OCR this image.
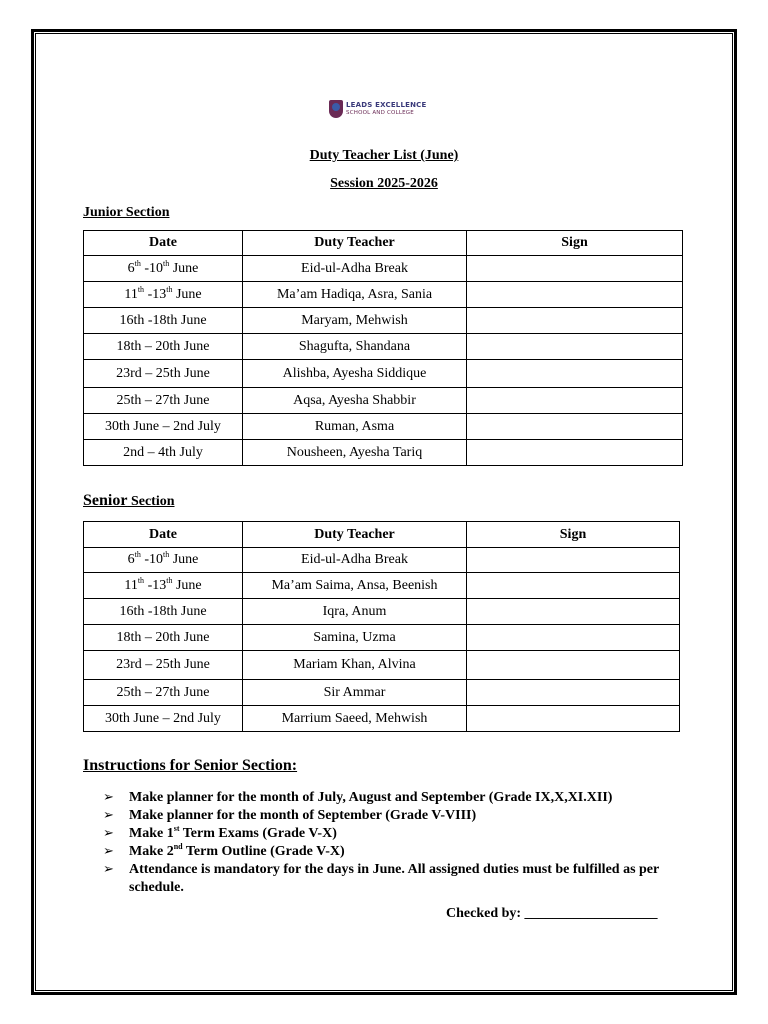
LEADS EXCELLENCE
SCHOOL AND COLLEGE
Duty Teacher List (June)
Session 2025-2026
Junior Section
Date	Duty Teacher	Sign
6th -10th June	Eid-ul-Adha Break	
11th -13th June	Ma’am Hadiqa, Asra, Sania	
16th -18th June	Maryam, Mehwish	
18th – 20th June	Shagufta, Shandana	
23rd – 25th June	Alishba, Ayesha Siddique	
25th – 27th June	Aqsa, Ayesha Shabbir	
30th June – 2nd July	Ruman, Asma	
2nd – 4th July	Nousheen, Ayesha Tariq	
Senior Section
Date	Duty Teacher	Sign
6th -10th June	Eid-ul-Adha Break	
11th -13th June	Ma’am Saima, Ansa, Beenish	
16th -18th June	Iqra, Anum	
18th – 20th June	Samina, Uzma	
23rd – 25th June	Mariam Khan, Alvina	
25th – 27th June	Sir Ammar	
30th June – 2nd July	Marrium Saeed, Mehwish	
Instructions for Senior Section:
➢ Make planner for the month of July, August and September (Grade IX,X,XI.XII)
➢ Make planner for the month of September (Grade V-VIII)
➢ Make 1st Term Exams (Grade V-X)
➢ Make 2nd Term Outline (Grade V-X)
➢ Attendance is mandatory for the days in June. All assigned duties must be fulfilled as per schedule.
Checked by: ___________________
